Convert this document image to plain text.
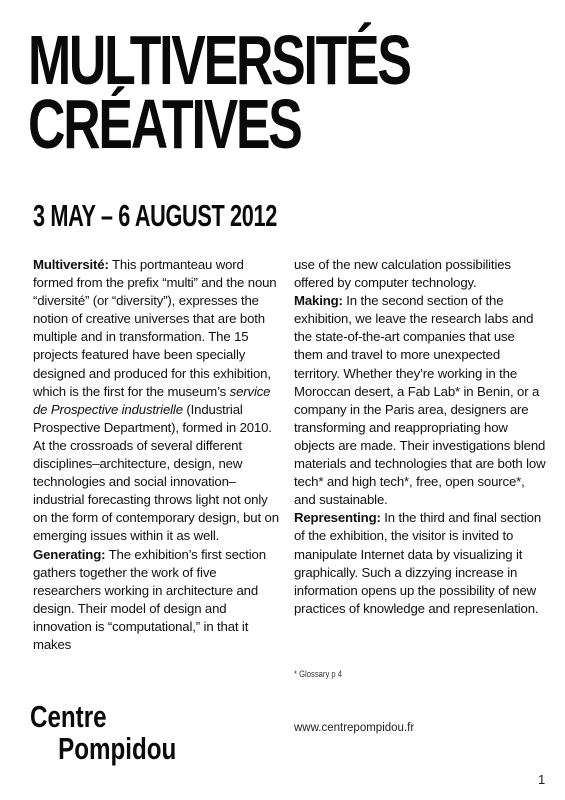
MULTIVERSITÉS
CRÉATIVES
3 MAY – 6 AUGUST 2012

Multiversité: This portmanteau word formed from the prefix “multi” and the noun “diversité” (or “diversity”), expresses the notion of creative universes that are both multiple and in transformation. The 15 projects featured have been specially designed and produced for this exhibition, which is the first for the museum’s service de Prospective industrielle (Industrial Prospective Department), formed in 2010. At the crossroads of several different disciplines–architecture, design, new technologies and social innovation–industrial forecasting throws light not only on the form of contemporary design, but on emerging issues within it as well.

Generating: The exhibition’s first section gathers together the work of five researchers working in architecture and design. Their model of design and innovation is “computational,” in that it makes

use of the new calculation possibilities offered by computer technology.

Making: In the second section of the exhibition, we leave the research labs and the state-of-the-art companies that use them and travel to more unexpected territory. Whether they’re working in the Moroccan desert, a Fab Lab* in Benin, or a company in the Paris area, designers are transforming and reappropriating how objects are made. Their investigations blend materials and technologies that are both low tech* and high tech*, free, open source*, and sustainable.

Representing: In the third and final section of the exhibition, the visitor is invited to manipulate Internet data by visualizing it graphically. Such a dizzying increase in information opens up the possibility of new practices of knowledge and represenlation.

* Glossary p 4
Centre
Pompidou
www.centrepompidou.fr
1
